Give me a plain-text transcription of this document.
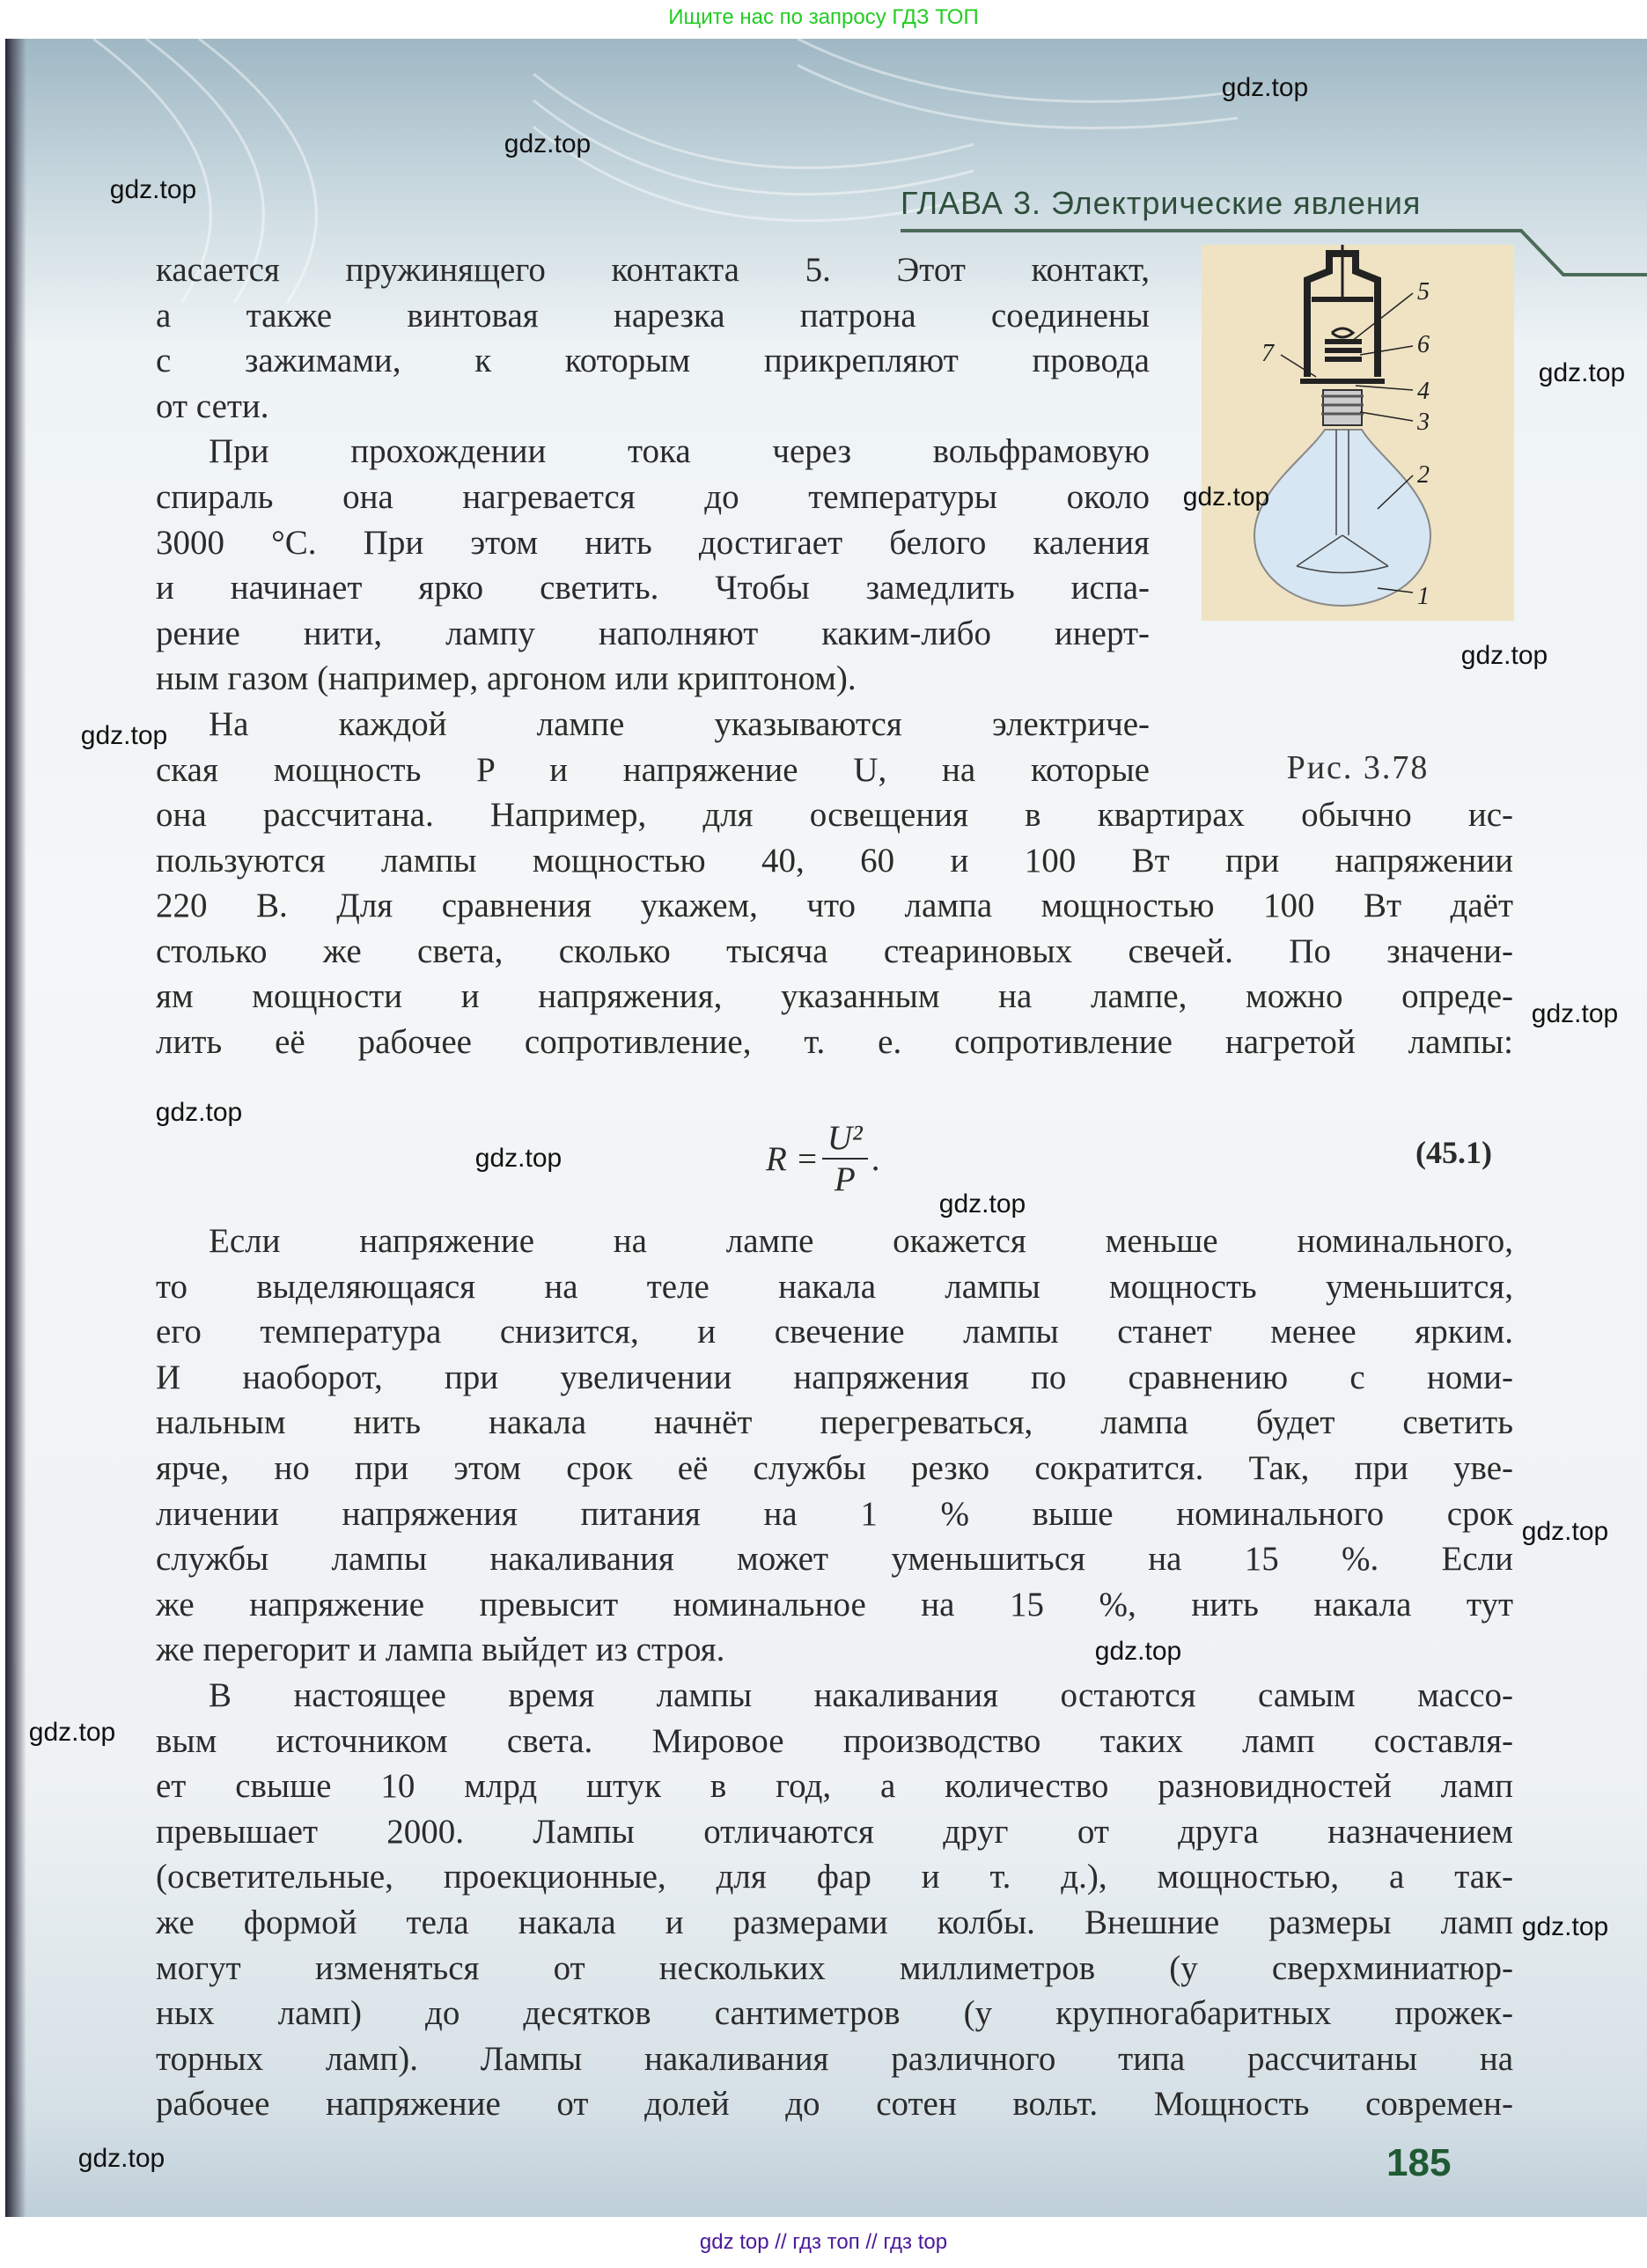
Ищите нас по запросу ГДЗ ТОП
ГЛАВА 3. Электрические явления
касается пружинящего контакта 5. Этот контакт,
а также винтовая нарезка патрона соединены
с зажимами, к которым прикрепляют провода
от сети.
При прохождении тока через вольфрамовую
спираль она нагревается до температуры около
3000 °С. При этом нить достигает белого каления
и начинает ярко светить. Чтобы замедлить испа-
рение нити, лампу наполняют каким-либо инерт-
ным газом (например, аргоном или криптоном).
На каждой лампе указываются электриче-
ская мощность P и напряжение U, на которые
она рассчитана. Например, для освещения в квартирах обычно ис-
пользуются лампы мощностью 40, 60 и 100 Вт при напряжении
220 В. Для сравнения укажем, что лампа мощностью 100 Вт даёт
столько же света, сколько тысяча стеариновых свечей. По значени-
ям мощности и напряжения, указанным на лампе, можно опреде-
лить её рабочее сопротивление, т. е. сопротивление нагретой лампы:
$R = \frac{\text{U²}}{P}$ .	(45.1)
Если напряжение на лампе окажется меньше номинального,
то выделяющаяся на теле накала лампы мощность уменьшится,
его температура снизится, и свечение лампы станет менее ярким.
И наоборот, при увеличении напряжения по сравнению с номи-
нальным нить накала начнёт перегреваться, лампа будет светить
ярче, но при этом срок её службы резко сократится. Так, при уве-
личении напряжения питания на 1 % выше номинального срок
службы лампы накаливания может уменьшиться на 15 %. Если
же напряжение превысит номинальное на 15 %, нить накала тут
же перегорит и лампа выйдет из строя.
В настоящее время лампы накаливания остаются самым массо-
вым источником света. Мировое производство таких ламп составля-
ет свыше 10 млрд штук в год, а количество разновидностей ламп
превышает 2000. Лампы отличаются друг от друга назначением
(осветительные, проекционные, для фар и т. д.), мощностью, а так-
же формой тела накала и размерами колбы. Внешние размеры ламп
могут изменяться от нескольких миллиметров (у сверхминиатюр-
ных ламп) до десятков сантиметров (у крупногабаритных прожек-
торных ламп). Лампы накаливания различного типа рассчитаны на
рабочее напряжение от долей до сотен вольт. Мощность современ-
5
6
7
4
3
2
1
Рис. 3.78
185
gdz.top
gdz.top
gdz.top
gdz.top
gdz.top
gdz.top
gdz.top
gdz.top
gdz.top
gdz.top
gdz.top
gdz.top
gdz.top
gdz.top
gdz.top
gdz.top
gdz top // гдз топ // гдз top
